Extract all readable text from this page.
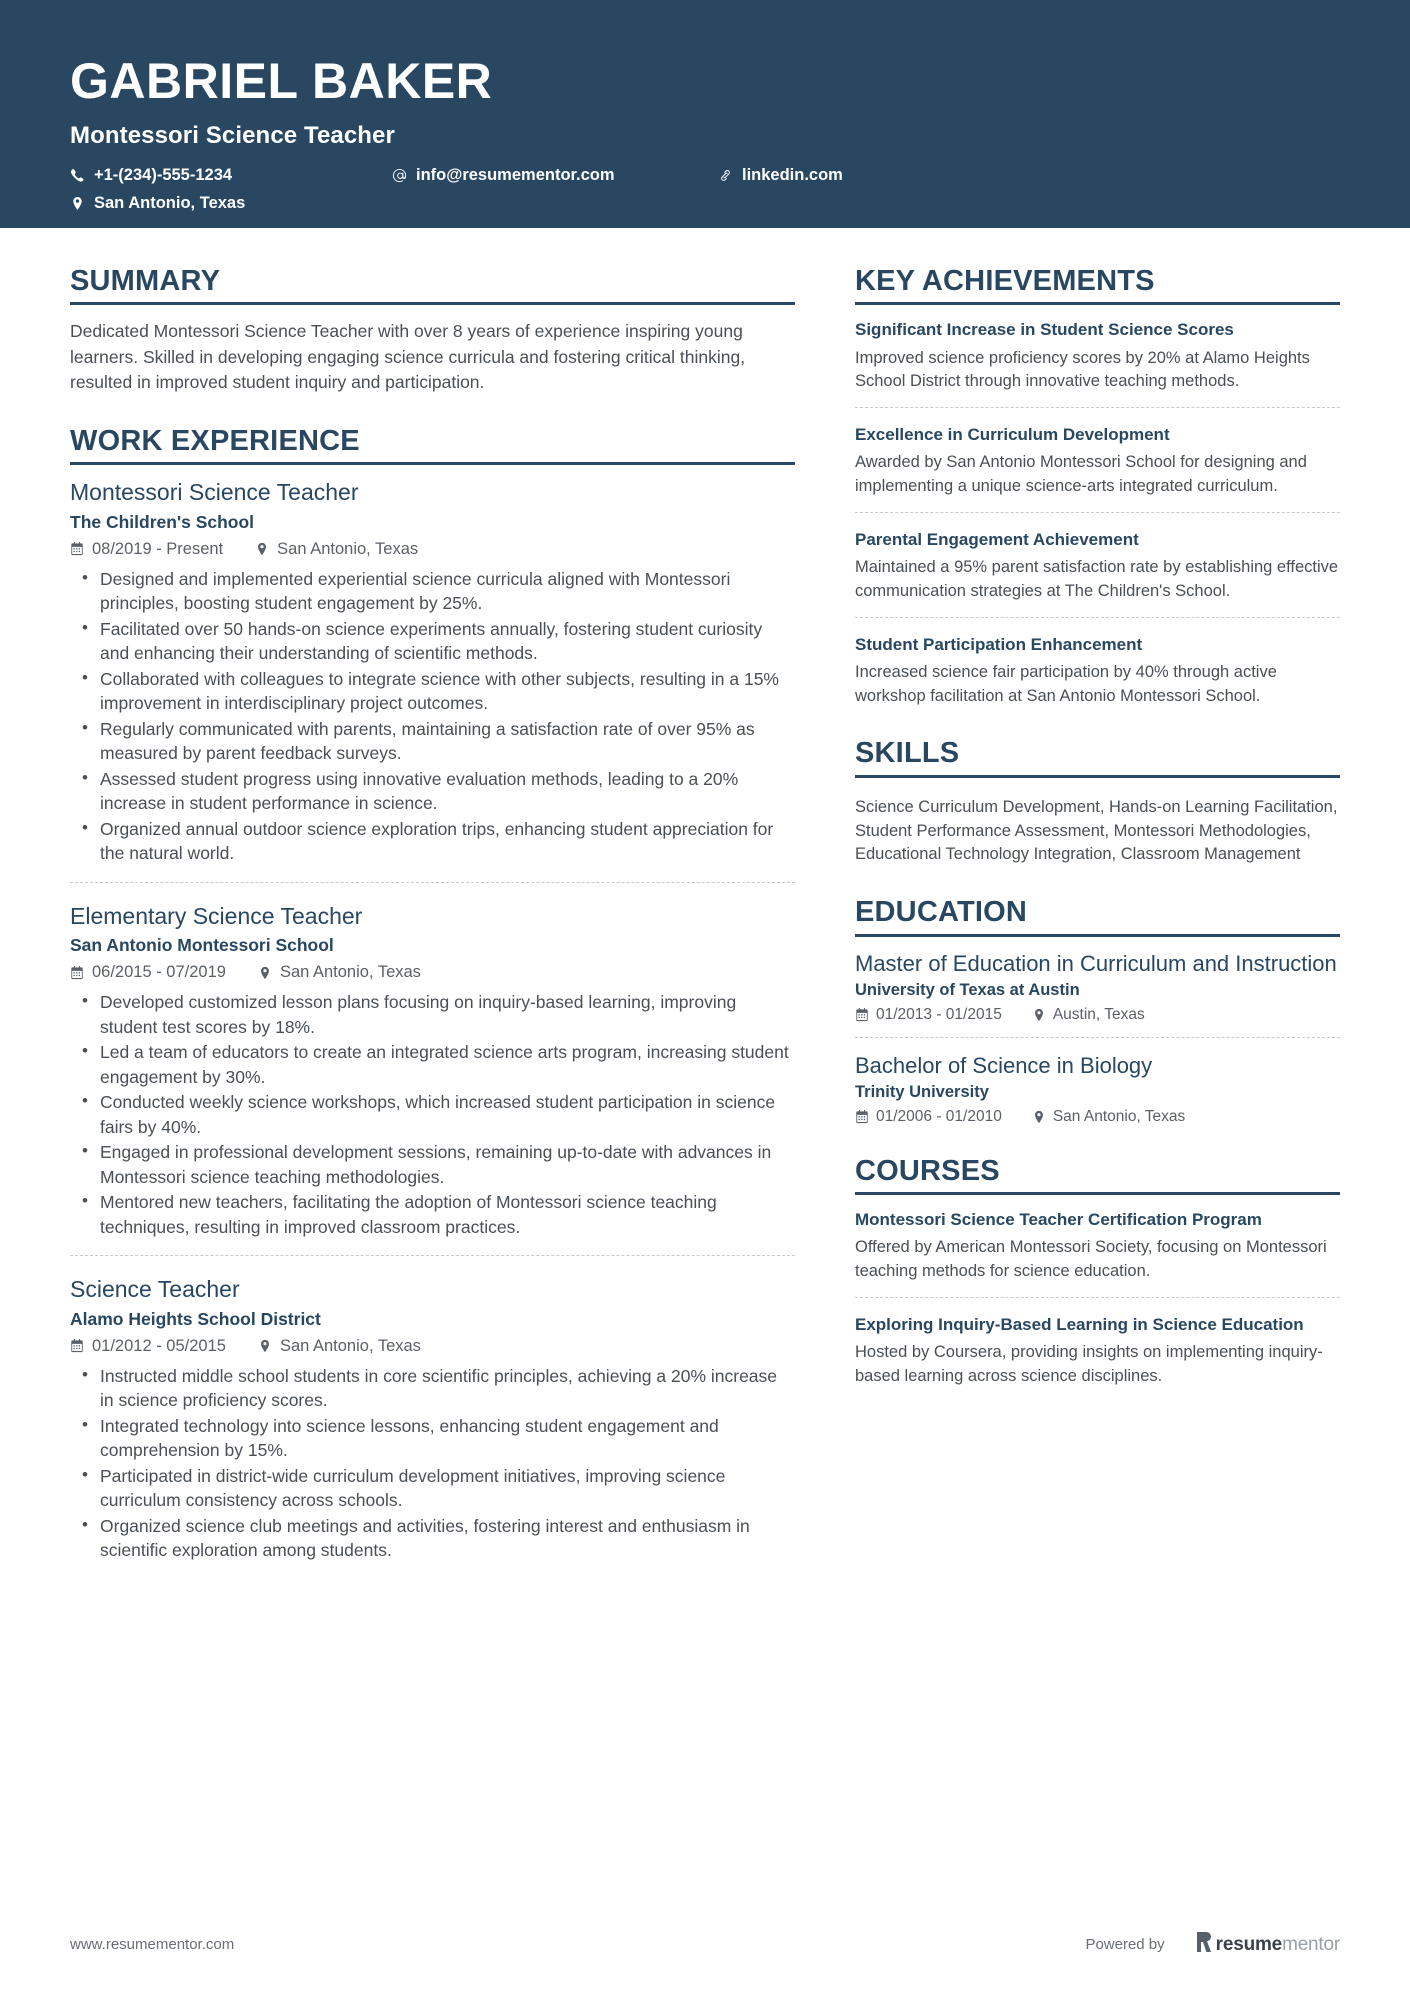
GABRIEL BAKER
Montessori Science Teacher
+1-(234)-555-1234	info@resumementor.com	linkedin.com
San Antonio, Texas
SUMMARY
Dedicated Montessori Science Teacher with over 8 years of experience inspiring young learners. Skilled in developing engaging science curricula and fostering critical thinking, resulted in improved student inquiry and participation.
WORK EXPERIENCE
Montessori Science Teacher
The Children's School
08/2019 - Present	San Antonio, Texas
• Designed and implemented experiential science curricula aligned with Montessori principles, boosting student engagement by 25%.
• Facilitated over 50 hands-on science experiments annually, fostering student curiosity and enhancing their understanding of scientific methods.
• Collaborated with colleagues to integrate science with other subjects, resulting in a 15% improvement in interdisciplinary project outcomes.
• Regularly communicated with parents, maintaining a satisfaction rate of over 95% as measured by parent feedback surveys.
• Assessed student progress using innovative evaluation methods, leading to a 20% increase in student performance in science.
• Organized annual outdoor science exploration trips, enhancing student appreciation for the natural world.
Elementary Science Teacher
San Antonio Montessori School
06/2015 - 07/2019	San Antonio, Texas
• Developed customized lesson plans focusing on inquiry-based learning, improving student test scores by 18%.
• Led a team of educators to create an integrated science arts program, increasing student engagement by 30%.
• Conducted weekly science workshops, which increased student participation in science fairs by 40%.
• Engaged in professional development sessions, remaining up-to-date with advances in Montessori science teaching methodologies.
• Mentored new teachers, facilitating the adoption of Montessori science teaching techniques, resulting in improved classroom practices.
Science Teacher
Alamo Heights School District
01/2012 - 05/2015	San Antonio, Texas
• Instructed middle school students in core scientific principles, achieving a 20% increase in science proficiency scores.
• Integrated technology into science lessons, enhancing student engagement and comprehension by 15%.
• Participated in district-wide curriculum development initiatives, improving science curriculum consistency across schools.
• Organized science club meetings and activities, fostering interest and enthusiasm in scientific exploration among students.
KEY ACHIEVEMENTS
Significant Increase in Student Science Scores
Improved science proficiency scores by 20% at Alamo Heights School District through innovative teaching methods.
Excellence in Curriculum Development
Awarded by San Antonio Montessori School for designing and implementing a unique science-arts integrated curriculum.
Parental Engagement Achievement
Maintained a 95% parent satisfaction rate by establishing effective communication strategies at The Children's School.
Student Participation Enhancement
Increased science fair participation by 40% through active workshop facilitation at San Antonio Montessori School.
SKILLS
Science Curriculum Development, Hands-on Learning Facilitation, Student Performance Assessment, Montessori Methodologies, Educational Technology Integration, Classroom Management
EDUCATION
Master of Education in Curriculum and Instruction
University of Texas at Austin
01/2013 - 01/2015	Austin, Texas
Bachelor of Science in Biology
Trinity University
01/2006 - 01/2010	San Antonio, Texas
COURSES
Montessori Science Teacher Certification Program
Offered by American Montessori Society, focusing on Montessori teaching methods for science education.
Exploring Inquiry-Based Learning in Science Education
Hosted by Coursera, providing insights on implementing inquiry-based learning across science disciplines.
www.resumementor.com	Powered by	resumementor
